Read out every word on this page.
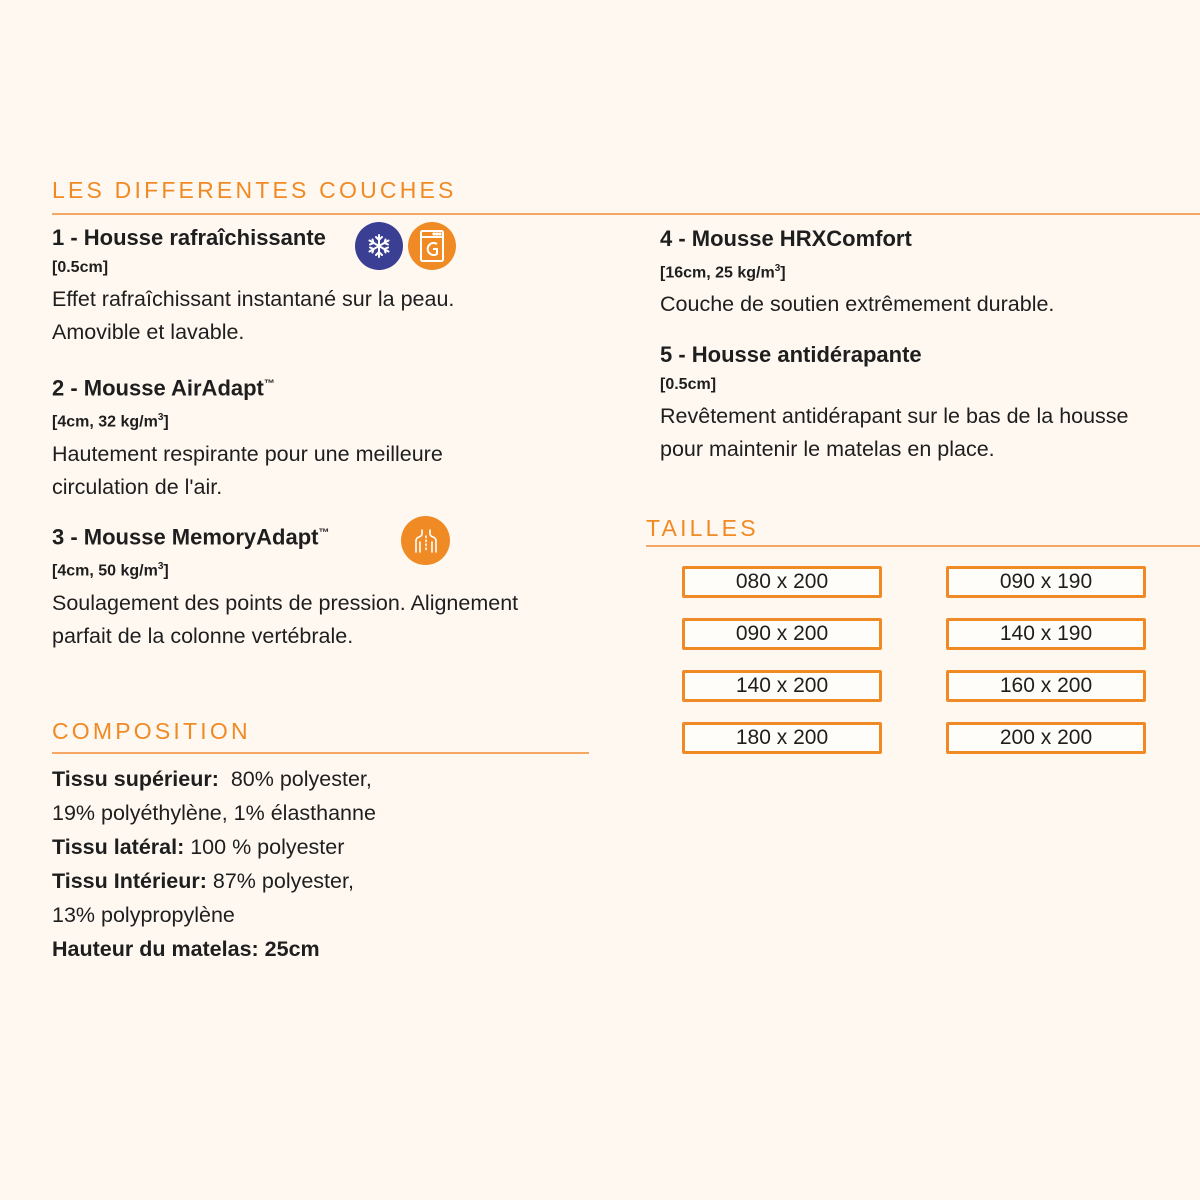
LES DIFFERENTES COUCHES
1 - Housse rafraîchissante
[0.5cm]
Effet rafraîchissant instantané sur la peau.
Amovible et lavable.
2 - Mousse AirAdapt™
[4cm, 32 $kg/m^3$]
Hautement respirante pour une meilleure
circulation de l'air.
3 - Mousse MemoryAdapt™
[4cm, 50 $kg/m^3$]
Soulagement des points de pression. Alignement
parfait de la colonne vertébrale.
4 - Mousse HRXComfort
[16cm, 25 $kg/m^3$]
Couche de soutien extrêmement durable.
5 - Housse antidérapante
[0.5cm]
Revêtement antidérapant sur le bas de la housse
pour maintenir le matelas en place.
TAILLES
080 x 200	090 x 190
090 x 200	140 x 190
140 x 200	160 x 200
180 x 200	200 x 200
COMPOSITION
Tissu supérieur:  80% polyester,
19% polyéthylène, 1% élasthanne
Tissu latéral: 100 % polyester
Tissu Intérieur: 87% polyester,
13% polypropylène
Hauteur du matelas: 25cm
